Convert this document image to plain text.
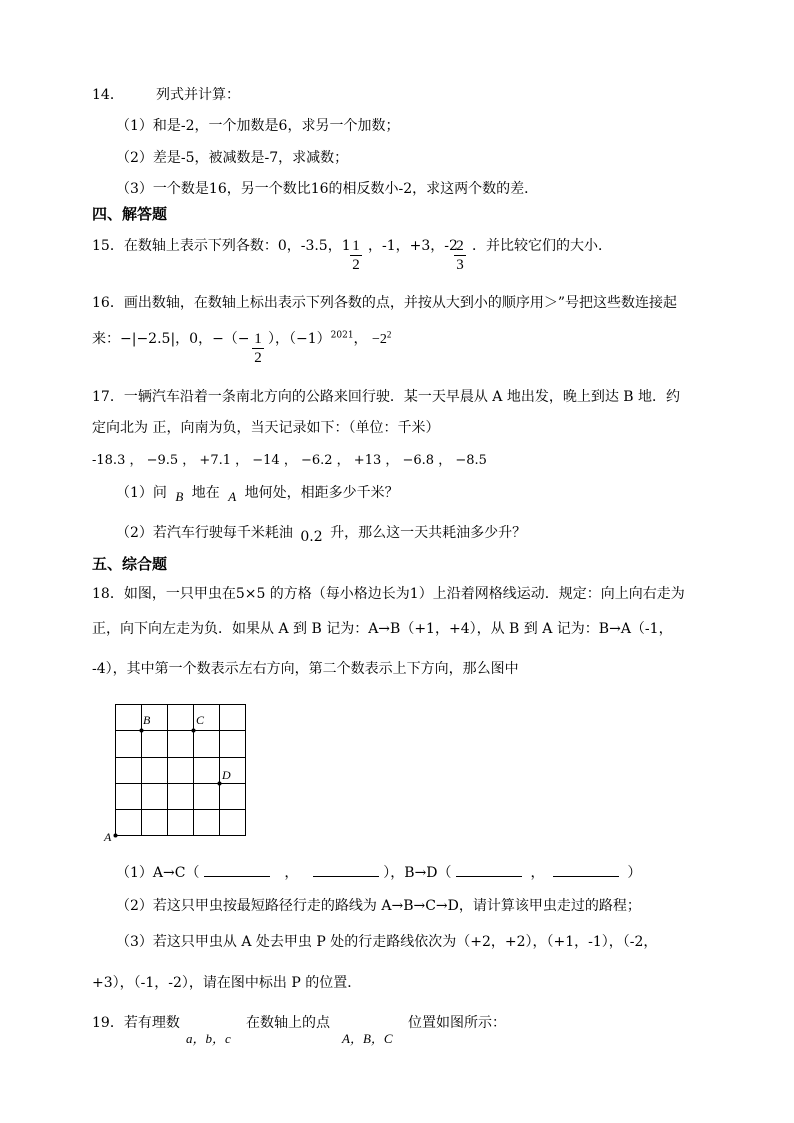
14． 列式并计算：
（1）和是-2，一个加数是6，求另一个加数；
（2）差是-5，被减数是-7，求减数；
（3）一个数是16，另一个数比16的相反数小-2，求这两个数的差．
四、解答题
15．在数轴上表示下列各数：0，-3.5，1 1
2
，-1，+3，-2
2
3
．并比较它们的大小．
16．画出数轴，在数轴上标出表示下列各数的点，并按从大到小的顺序用＞”号把这些数连接起
来：−|−2.5|，0，−（− 1
2
），$(-1)^{2021}$， $-2^2$
17．一辆汽车沿着一条南北方向的公路来回行驶．某一天早晨从 A 地出发，晚上到达 B 地．约
定向北为 正，向南为负，当天记录如下：（单位：千米）
-18.3 ， −9.5 ， +7.1 ， −14 ， −6.2 ， +13 ， −6.8 ， −8.5
（1）问 B 地在 A 地何处，相距多少千米？
（2）若汽车行驶每千米耗油 0.2 升，那么这一天共耗油多少升？
五、综合题
18．如图，一只甲虫在5×5 的方格（每小格边长为1）上沿着网格线运动．规定：向上向右走为
正，向下向左走为负．如果从 A 到 B 记为：A→B（+1，+4），从 B 到 A 记为：B→A（-1，
-4），其中第一个数表示左右方向，第二个数表示上下方向，那么图中
A
B	C
D
（1）A→C（	，	），B→D（	，	）
（2）若这只甲虫按最短路径行走的路线为 A→B→C→D，请计算该甲虫走过的路程；
（3）若这只甲虫从 A 处去甲虫 P 处的行走路线依次为（+2，+2），（+1，-1），（-2，
+3），（-1，-2），请在图中标出 P 的位置．
19．若有理数	在数轴上的点	位置如图所示：
a，b，c	A，B，C
